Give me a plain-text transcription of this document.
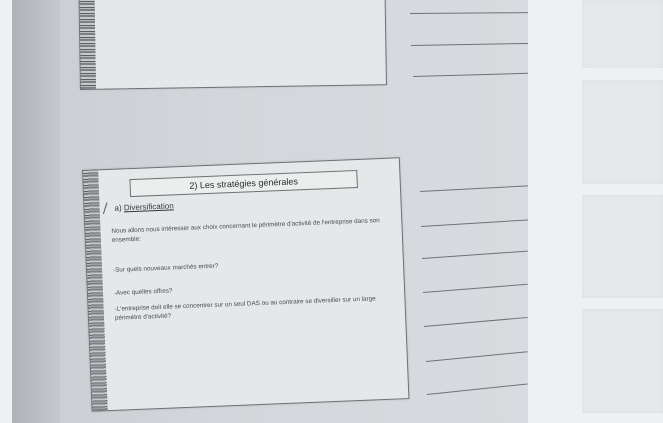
· ·
· · ·
2) Les stratégies générales
a) Diversification
Nous allons nous intéresser aux choix concernant le périmètre d'activité de l'entreprise dans son ensemble:
-Sur quels nouveaux marchés entrer?
-Avec quelles offres?
-L'entreprise doit elle se concentrer sur un seul DAS ou au contraire se diversifier sur un large périmètre d'activité?
